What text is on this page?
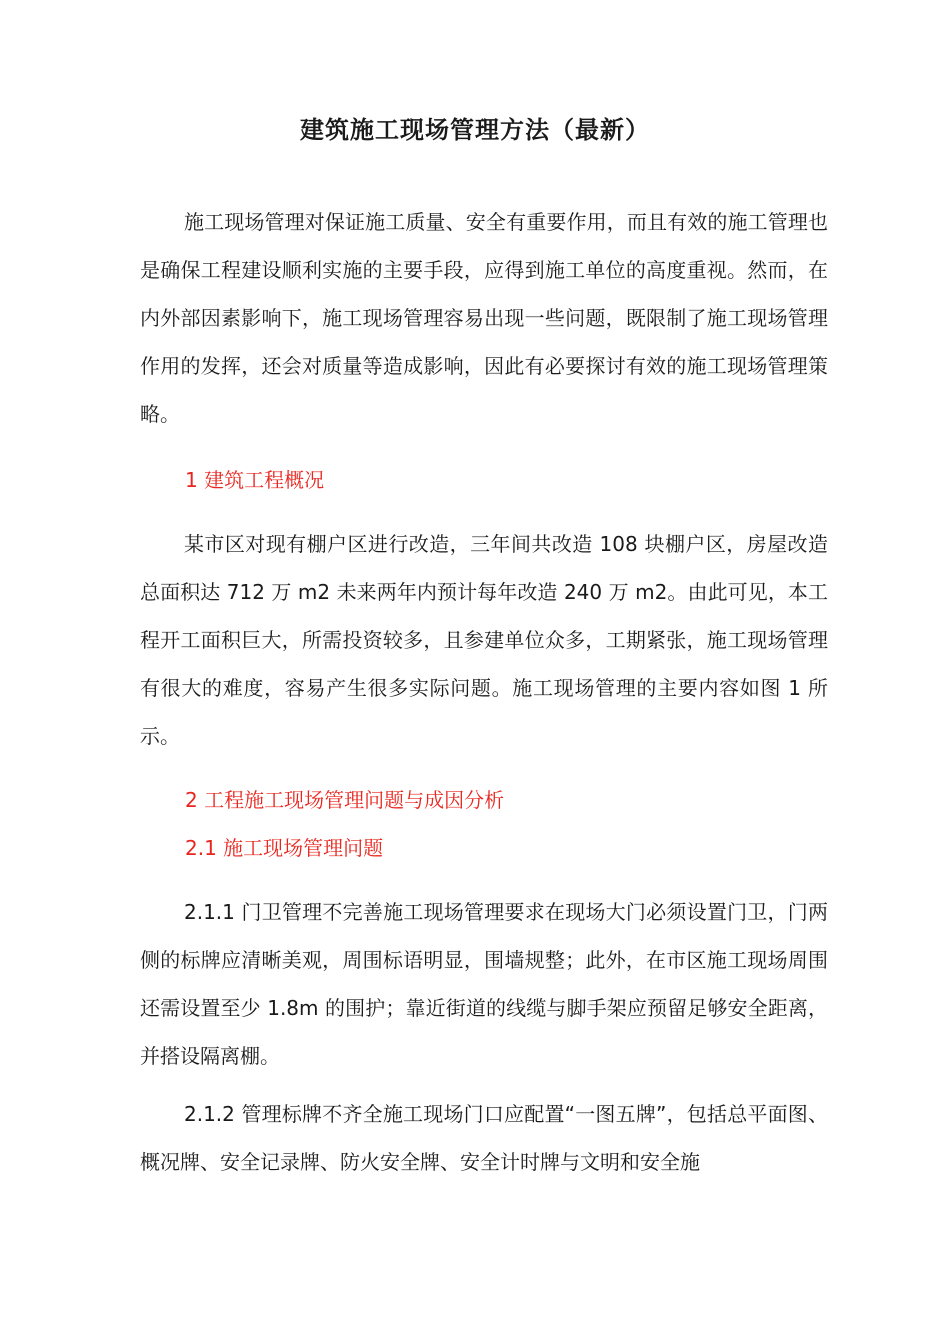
建筑施工现场管理方法（最新）

施工现场管理对保证施工质量、安全有重要作用，而且有效的施工管理也是确保工程建设顺利实施的主要手段，应得到施工单位的高度重视。然而，在内外部因素影响下，施工现场管理容易出现一些问题，既限制了施工现场管理作用的发挥，还会对质量等造成影响，因此有必要探讨有效的施工现场管理策略。

1 建筑工程概况

某市区对现有棚户区进行改造，三年间共改造 108 块棚户区，房屋改造总面积达 712 万 m2 未来两年内预计每年改造 240 万 m2。由此可见，本工程开工面积巨大，所需投资较多，且参建单位众多，工期紧张，施工现场管理有很大的难度，容易产生很多实际问题。施工现场管理的主要内容如图 1 所示。

2 工程施工现场管理问题与成因分析
2.1 施工现场管理问题

2.1.1 门卫管理不完善施工现场管理要求在现场大门必须设置门卫，门两侧的标牌应清晰美观，周围标语明显，围墙规整；此外，在市区施工现场周围还需设置至少 1.8m 的围护；靠近街道的线缆与脚手架应预留足够安全距离，并搭设隔离棚。

2.1.2 管理标牌不齐全施工现场门口应配置“一图五牌”，包括总平面图、概况牌、安全记录牌、防火安全牌、安全计时牌与文明和安全施
